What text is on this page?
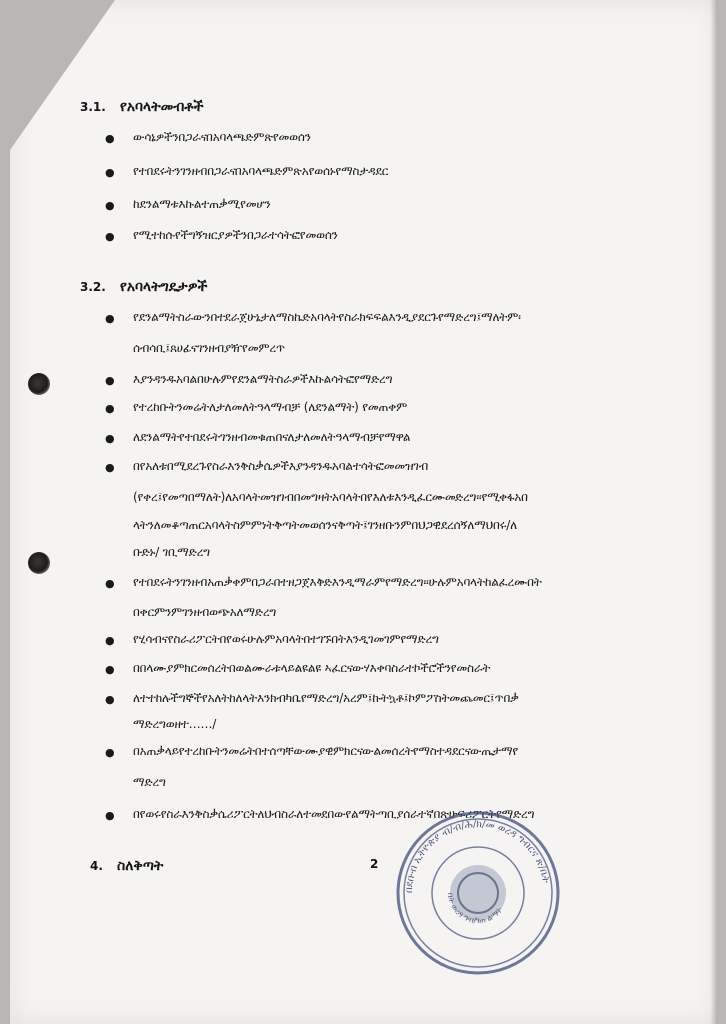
3.1. የአባላትመብቶች
● ውሳኔዎችንበጋራናበአባላጫድምጽየመወሰን
● የተበደሩትንገንዘብበጋራናበአባላጫድምጽአየወሰኑየማስታዳደር
● ከደንልማቱእኩልተጠቃሚየመሆን
● የሚተከሱየችግኝዝርያዎችንበጋራተሳትፎየመወሰን
3.2. የአባላትግዴታዎች
● የደንልማትስራውንበተደራጀሁኔታለማስኬድአባላትየስራክፍፍልእንዲያደርጉየማድረግ፤ማለትም፡
● እያንዳንዱአባልበሁሉምየደንልማትስራዎችእኩልሳትፎየማድረግ
● የተረከቡትንመሬትለታለመለትዓላማብቻ (ለደንልማት) የመጠቀም
● ለደንልማትየተበደሩትገንዘብመቁጠበናለታለመለትዓላማብቻየማዋል
● በየአለቱበሚደረጉየስራእንቅስቃሴዎችእያንዳንዱአባልተሳትፎመመዝገብ
● የተበደሩትንገንዘብአጠቃቀምበጋራበተዘጋጀእቅድእንዲማራምየማድረግ፡፡ሁሉምአባላትከልፈረሙበት
● የሂሳብናየስራሪፖርትበየወሩሁሉምአባላትበተገኙበትእንዲገመገምየማድረግ
● በበላሙያምክርመሰረትበወልሙራቱላይልዩልዩ ኣፈርናውሃእቀባስራተኮችሮችንየመስራት
● ለተተከሉችግኞችየአለትከለላትእንክብካቤየማድረግ/አረም፤ኩትኳቶ፤ኮምፖስትመጨመር፤ጥበቃ
● በአጠቃላይየተረከቡትንመሬትበተሰጣቸውሙያዊምክርናውልመሰረትየማስተዳደርናውጤታማየ
● በየወሩየስራእንቅስቃሴሪፖርትለህብስራለተመደበውየልማትጣቢያሰራተኛበጽሁፍሪፖርትየማድረግ
ሰብሳቢ፤ጸሀፊናገንዘብያዥየመምረጥ
(የቀረ፤የመጣበማለት)ለአባላትመዝገብበመግዛትአባላትበየእለቱእንዲፈርሙመድረግ፡፡የሚቀፋአበ
ላትንለመቆጣጠርአባላትስምምነትቅጣትመወሰንናቅጣት፤ገንዘቡንምበህጋዊደረሰኝለማህበሩ/ለ
ቡድኑ/ ገቢማድረግ
በቀርምንምገንዘብወጭአለማድረግ
ማድረግወዘተ……/
ማድረግ
4. ስለቅጣት	2
በደቡብ ኢትዮጵያ ብ/ብ/ሕ/ክ/መ ወረዳ ግብርና ጽ/ቤት
ቤት ወረዳ ግብ/ገጠ ልማት
